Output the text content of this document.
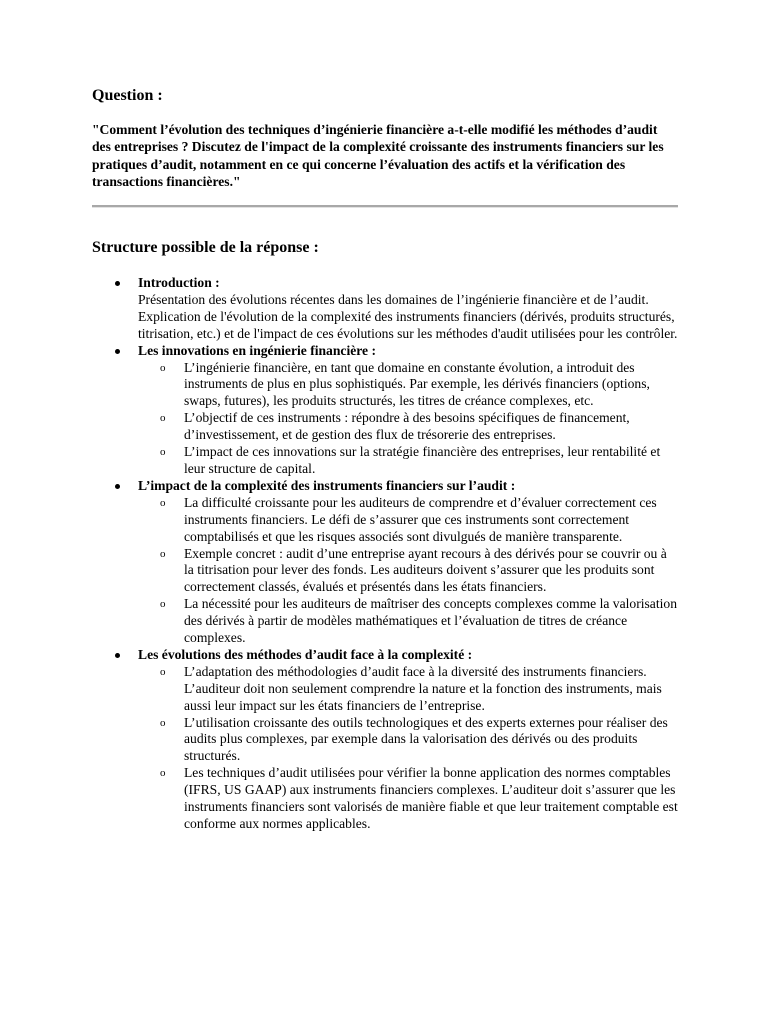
Question :

"Comment l’évolution des techniques d’ingénierie financière a-t-elle modifié les méthodes d’audit des entreprises ? Discutez de l'impact de la complexité croissante des instruments financiers sur les pratiques d’audit, notamment en ce qui concerne l’évaluation des actifs et la vérification des transactions financières."

Structure possible de la réponse :
Introduction :
Présentation des évolutions récentes dans les domaines de l’ingénierie financière et de l’audit. Explication de l'évolution de la complexité des instruments financiers (dérivés, produits structurés, titrisation, etc.) et de l'impact de ces évolutions sur les méthodes d'audit utilisées pour les contrôler.
Les innovations en ingénierie financière :
o L’ingénierie financière, en tant que domaine en constante évolution, a introduit des instruments de plus en plus sophistiqués. Par exemple, les dérivés financiers (options, swaps, futures), les produits structurés, les titres de créance complexes, etc.
o L’objectif de ces instruments : répondre à des besoins spécifiques de financement, d’investissement, et de gestion des flux de trésorerie des entreprises.
o L’impact de ces innovations sur la stratégie financière des entreprises, leur rentabilité et leur structure de capital.
L’impact de la complexité des instruments financiers sur l’audit :
o La difficulté croissante pour les auditeurs de comprendre et d’évaluer correctement ces instruments financiers. Le défi de s’assurer que ces instruments sont correctement comptabilisés et que les risques associés sont divulgués de manière transparente.
o Exemple concret : audit d’une entreprise ayant recours à des dérivés pour se couvrir ou à la titrisation pour lever des fonds. Les auditeurs doivent s’assurer que les produits sont correctement classés, évalués et présentés dans les états financiers.
o La nécessité pour les auditeurs de maîtriser des concepts complexes comme la valorisation des dérivés à partir de modèles mathématiques et l’évaluation de titres de créance complexes.
Les évolutions des méthodes d’audit face à la complexité :
o L’adaptation des méthodologies d’audit face à la diversité des instruments financiers. L’auditeur doit non seulement comprendre la nature et la fonction des instruments, mais aussi leur impact sur les états financiers de l’entreprise.
o L’utilisation croissante des outils technologiques et des experts externes pour réaliser des audits plus complexes, par exemple dans la valorisation des dérivés ou des produits structurés.
o Les techniques d’audit utilisées pour vérifier la bonne application des normes comptables (IFRS, US GAAP) aux instruments financiers complexes. L’auditeur doit s’assurer que les instruments financiers sont valorisés de manière fiable et que leur traitement comptable est conforme aux normes applicables.
